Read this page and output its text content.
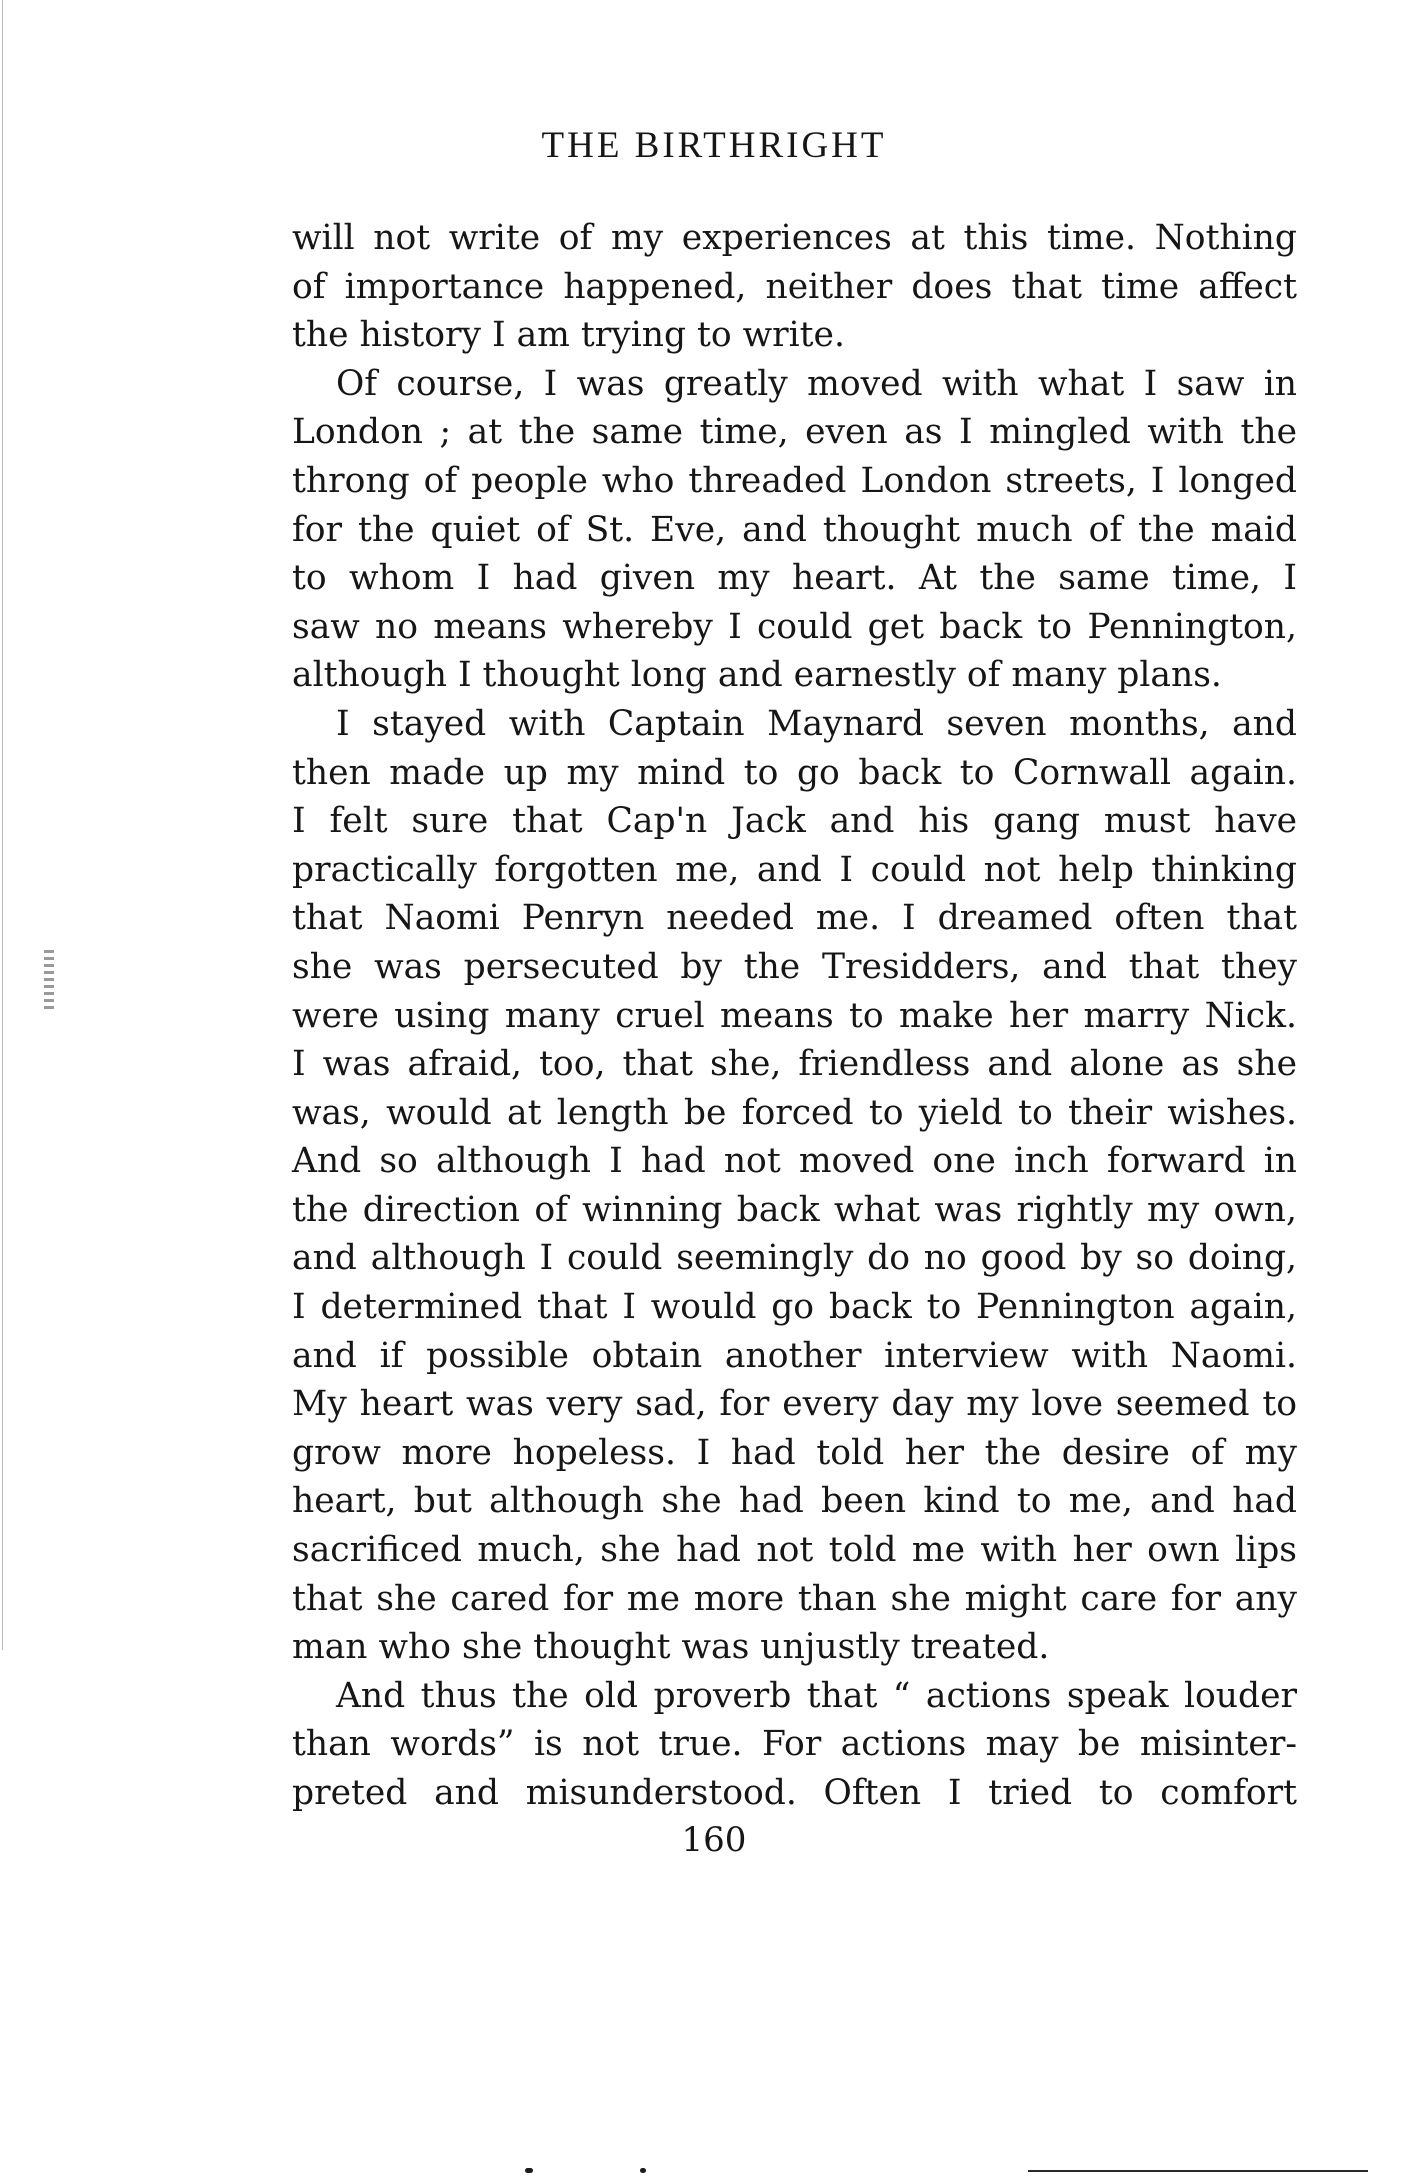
THE BIRTHRIGHT
will not write of my experiences at this time. Nothing
of importance happened, neither does that time affect
the history I am trying to write.
Of course, I was greatly moved with what I saw in
London ; at the same time, even as I mingled with the
throng of people who threaded London streets, I longed
for the quiet of St. Eve, and thought much of the maid
to whom I had given my heart. At the same time, I
saw no means whereby I could get back to Pennington,
although I thought long and earnestly of many plans.
I stayed with Captain Maynard seven months, and
then made up my mind to go back to Cornwall again.
I felt sure that Cap'n Jack and his gang must have
practically forgotten me, and I could not help thinking
that Naomi Penryn needed me. I dreamed often that
she was persecuted by the Tresidders, and that they
were using many cruel means to make her marry Nick.
I was afraid, too, that she, friendless and alone as she
was, would at length be forced to yield to their wishes.
And so although I had not moved one inch forward in
the direction of winning back what was rightly my own,
and although I could seemingly do no good by so doing,
I determined that I would go back to Pennington again,
and if possible obtain another interview with Naomi.
My heart was very sad, for every day my love seemed to
grow more hopeless. I had told her the desire of my
heart, but although she had been kind to me, and had
sacrificed much, she had not told me with her own lips
that she cared for me more than she might care for any
man who she thought was unjustly treated.
And thus the old proverb that “ actions speak louder
than words” is not true. For actions may be misinter-
preted and misunderstood. Often I tried to comfort
160
